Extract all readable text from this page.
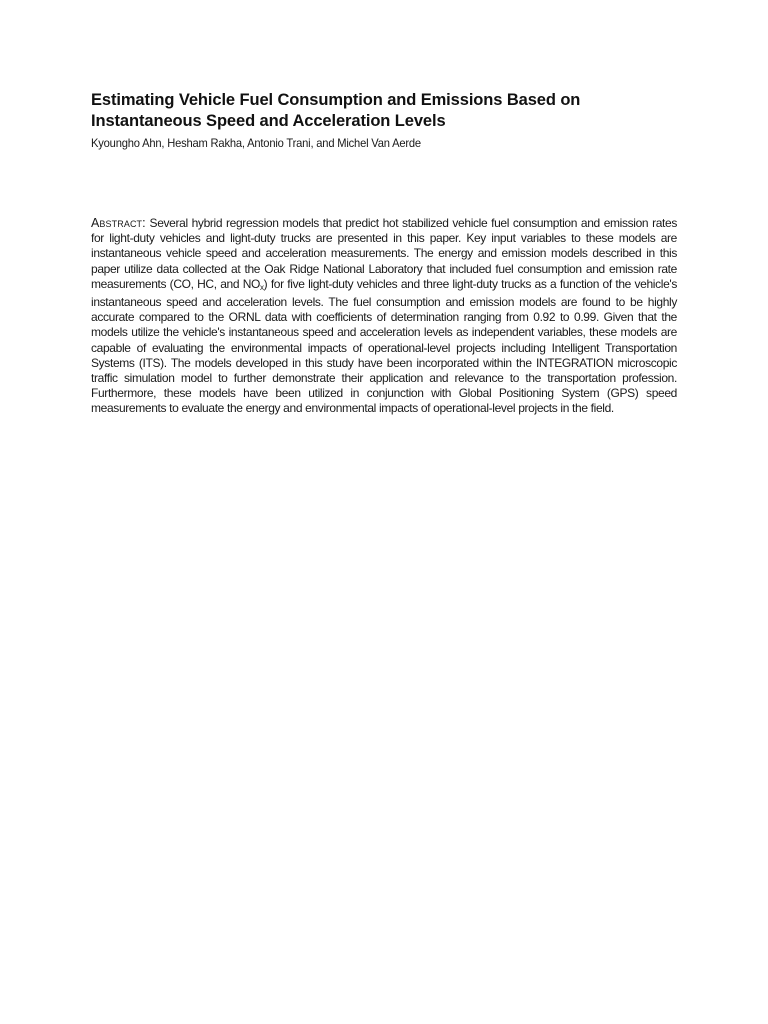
Estimating Vehicle Fuel Consumption and Emissions Based on
Instantaneous Speed and Acceleration Levels

Kyoungho Ahn, Hesham Rakha, Antonio Trani, and Michel Van Aerde

Abstract: Several hybrid regression models that predict hot stabilized vehicle fuel consumption and emission rates for light-duty vehicles and light-duty trucks are presented in this paper. Key input variables to these models are instantaneous vehicle speed and acceleration measurements. The energy and emission models described in this paper utilize data collected at the Oak Ridge National Laboratory that included fuel consumption and emission rate measurements (CO, HC, and $NO_x$) for five light-duty vehicles and three light-duty trucks as a function of the vehicle's instantaneous speed and acceleration levels. The fuel consumption and emission models are found to be highly accurate compared to the ORNL data with coefficients of determination ranging from 0.92 to 0.99. Given that the models utilize the vehicle's instantaneous speed and acceleration levels as independent variables, these models are capable of evaluating the environmental impacts of operational-level projects including Intelligent Transportation Systems (ITS). The models developed in this study have been incorporated within the INTEGRATION microscopic traffic simulation model to further demonstrate their application and relevance to the transportation profession. Furthermore, these models have been utilized in conjunction with Global Positioning System (GPS) speed measurements to evaluate the energy and environmental impacts of operational-level projects in the field.
